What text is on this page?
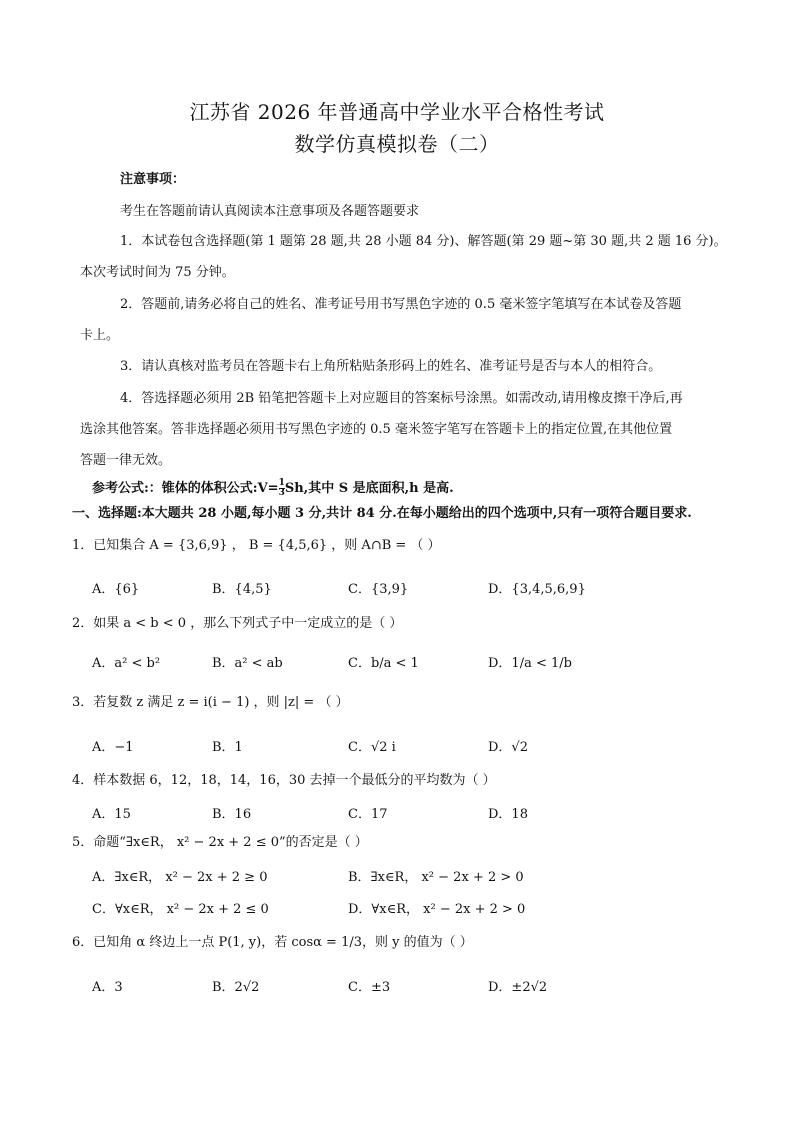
江苏省 2026 年普通高中学业水平合格性考试
数学仿真模拟卷（二）
注意事项：
考生在答题前请认真阅读本注意事项及各题答题要求
1．本试卷包含选择题(第 1 题第 28 题,共 28 小题 84 分)、解答题(第 29 题~第 30 题,共 2 题 16 分)。
本次考试时间为 75 分钟。
2．答题前,请务必将自己的姓名、准考证号用书写黑色字迹的 0.5 毫米签字笔填写在本试卷及答题
卡上。
3．请认真核对监考员在答题卡右上角所粘贴条形码上的姓名、准考证号是否与本人的相符合。
4．答选择题必须用 2B 铅笔把答题卡上对应题目的答案标号涂黑。如需改动,请用橡皮擦干净后,再
选涂其他答案。答非选择题必须用书写黑色字迹的 0.5 毫米签字笔写在答题卡上的指定位置,在其他位置
答题一律无效。
参考公式:：锥体的体积公式:V= $\frac{1}{3} Sh$,其中 S 是底面积,h 是高.
一、选择题:本大题共 28 小题,每小题 3 分,共计 84 分.在每小题给出的四个选项中,只有一项符合题目要求.
1．已知集合 A = {3,6,9} ， B = {4,5,6} ，则 A∩B = （ ）
A．{6}	B．{4,5}	C．{3,9}	D．{3,4,5,6,9}
2．如果 a < b < 0 ，那么下列式子中一定成立的是（ ）
A．a² < b²	B．a² < ab	C．b/a < 1	D．1/a < 1/b
3．若复数 z 满足 z = i(i − 1) ，则 |z| = （ ）
A．−1	B．1	C．√2 i	D．√2
4．样本数据 6，12，18，14，16，30 去掉一个最低分的平均数为（ ）
A．15	B．16	C．17	D．18
5．命题“∃x∈R， x² − 2x + 2 ≤ 0”的否定是（ ）
A．∃x∈R， x² − 2x + 2 ≥ 0	B．∃x∈R， x² − 2x + 2 > 0
C．∀x∈R， x² − 2x + 2 ≤ 0	D．∀x∈R， x² − 2x + 2 > 0
6．已知角 α 终边上一点 P(1, y)，若 cosα = 1/3，则 y 的值为（ ）
A．3	B．2√2	C．±3	D．±2√2
